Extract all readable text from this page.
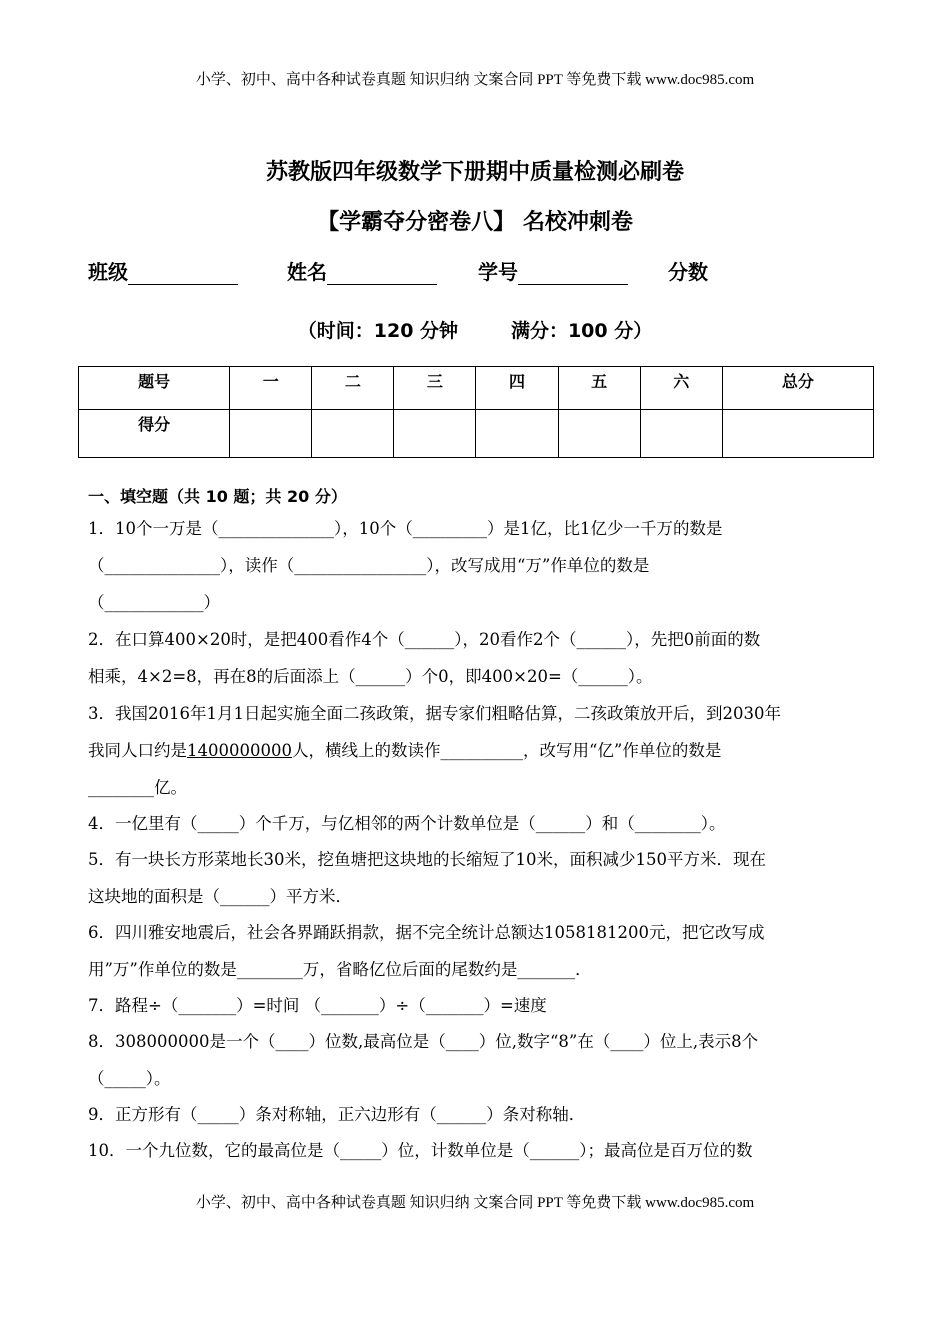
小学、初中、高中各种试卷真题 知识归纳 文案合同 PPT 等免费下载 www.doc985.com
苏教版四年级数学下册期中质量检测必刷卷
【学霸夺分密卷八】 名校冲刺卷
班级	姓名	学号	分数
（时间：120 分钟        满分：100 分）
题号	一	二	三	四	五	六	总分
得分							
一、填空题（共 10 题；共 20 分）
1．10个一万是（______________），10个（_________）是1亿，比1亿少一千万的数是
（______________），读作（________________），改写成用“万”作单位的数是
（____________）
2．在口算400×20时，是把400看作4个（______），20看作2个（______），先把0前面的数
相乘，4×2=8，再在8的后面添上（______）个0，即400×20=（______）。
3．我国2016年1月1日起实施全面二孩政策，据专家们粗略估算，二孩政策放开后，到2030年
我同人口约是1400000000人，横线上的数读作__________，改写用“亿”作单位的数是
________亿。
4．一亿里有（_____）个千万，与亿相邻的两个计数单位是（______）和（________）。
5．有一块长方形菜地长30米，挖鱼塘把这块地的长缩短了10米，面积减少150平方米．现在
这块地的面积是（______）平方米．
6．四川雅安地震后，社会各界踊跃捐款，据不完全统计总额达1058181200元，把它改写成
用”万”作单位的数是________万，省略亿位后面的尾数约是_______．
7．路程÷（_______）=时间 （_______）÷（_______）=速度
8．308000000是一个（____）位数,最高位是（____）位,数字“8”在（____）位上,表示8个
（_____）。
9．正方形有（_____）条对称轴，正六边形有（______）条对称轴．
10．一个九位数，它的最高位是（_____）位，计数单位是（______）；最高位是百万位的数
小学、初中、高中各种试卷真题 知识归纳 文案合同 PPT 等免费下载 www.doc985.com
